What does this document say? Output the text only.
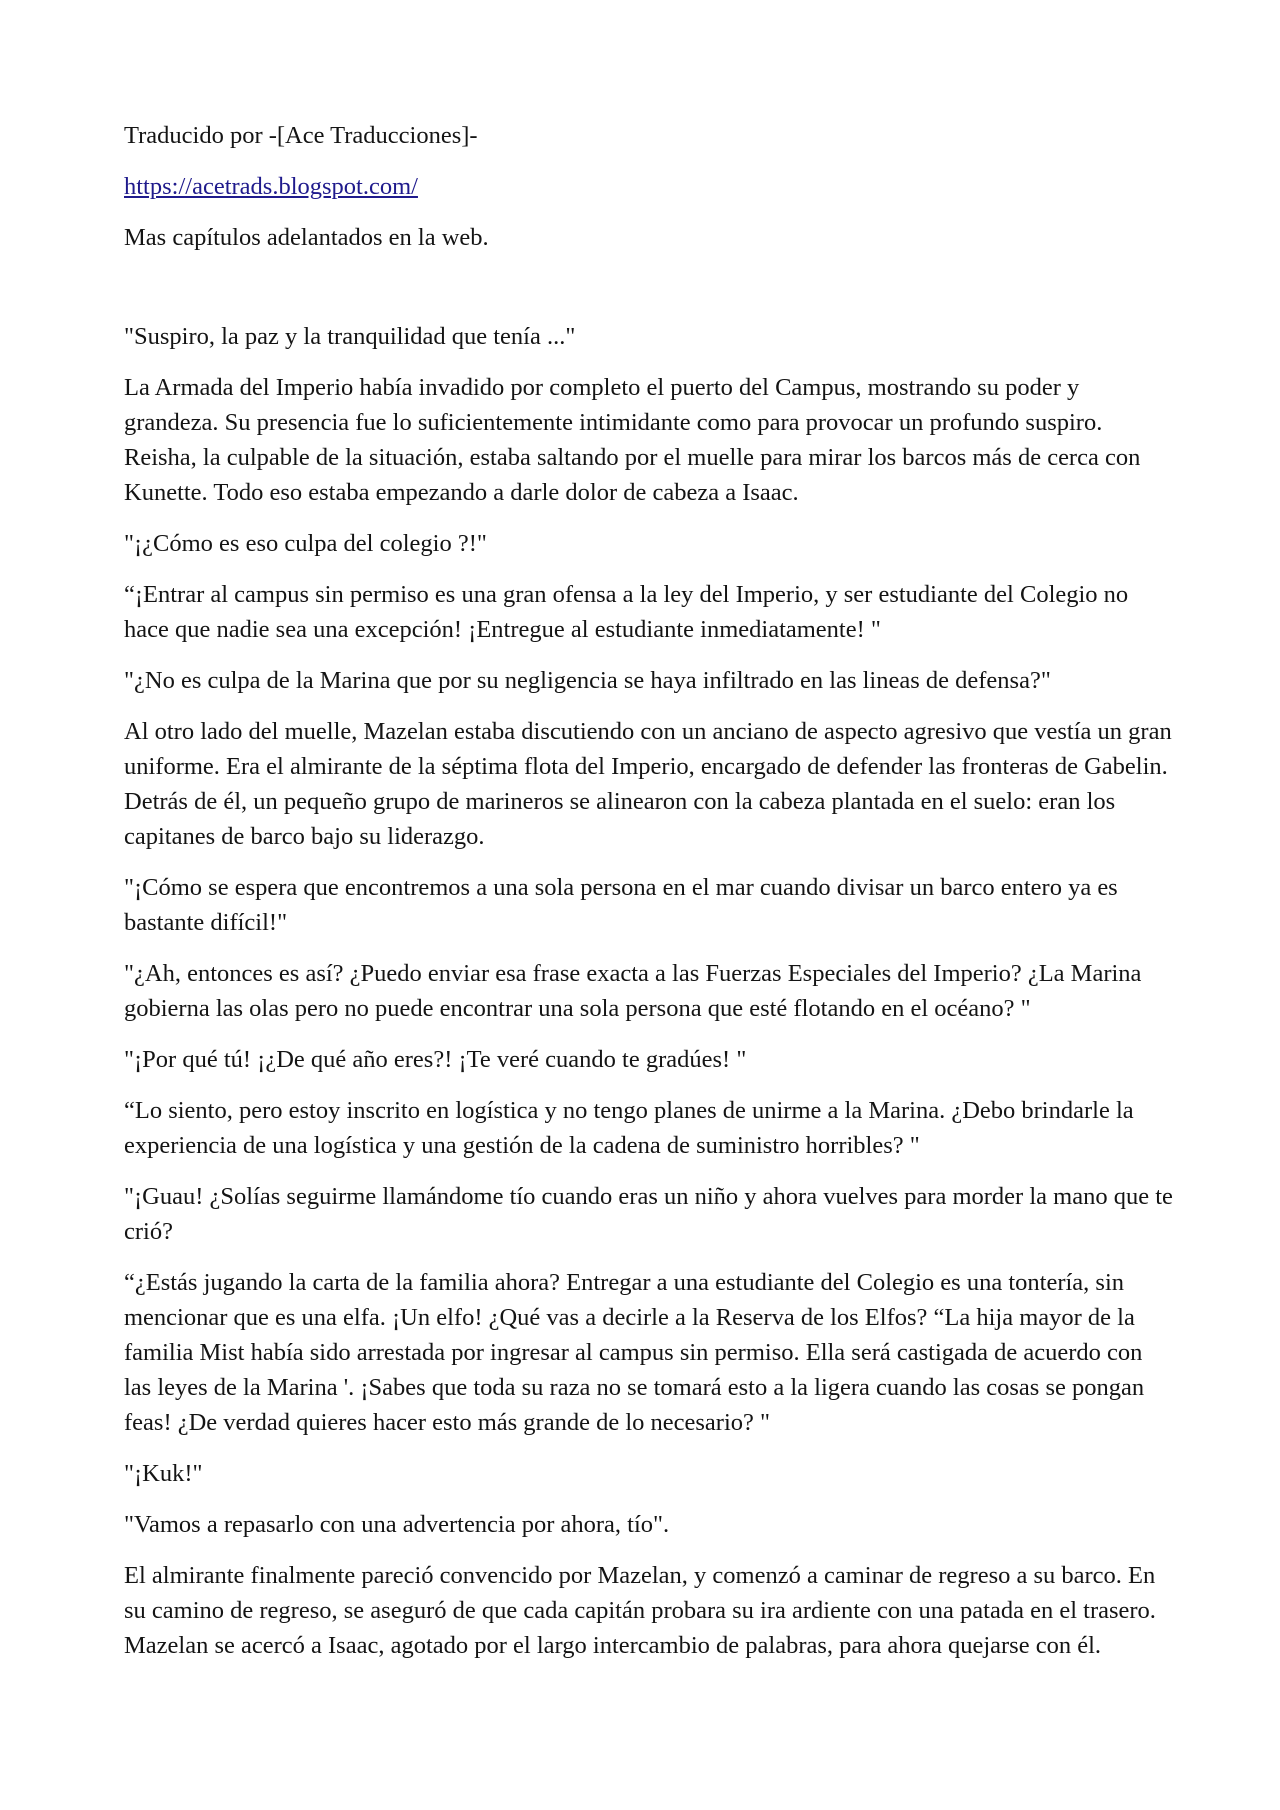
Traducido por -[Ace Traducciones]-

https://acetrads.blogspot.com/

Mas capítulos adelantados en la web.

"Suspiro, la paz y la tranquilidad que tenía ..."

La Armada del Imperio había invadido por completo el puerto del Campus, mostrando su poder y grandeza. Su presencia fue lo suficientemente intimidante como para provocar un profundo suspiro. Reisha, la culpable de la situación, estaba saltando por el muelle para mirar los barcos más de cerca con Kunette. Todo eso estaba empezando a darle dolor de cabeza a Isaac.

"¡¿Cómo es eso culpa del colegio ?!"

“¡Entrar al campus sin permiso es una gran ofensa a la ley del Imperio, y ser estudiante del Colegio no hace que nadie sea una excepción! ¡Entregue al estudiante inmediatamente! "

"¿No es culpa de la Marina que por su negligencia se haya infiltrado en las lineas de defensa?"

Al otro lado del muelle, Mazelan estaba discutiendo con un anciano de aspecto agresivo que vestía un gran uniforme. Era el almirante de la séptima flota del Imperio, encargado de defender las fronteras de Gabelin. Detrás de él, un pequeño grupo de marineros se alinearon con la cabeza plantada en el suelo: eran los capitanes de barco bajo su liderazgo.

"¡Cómo se espera que encontremos a una sola persona en el mar cuando divisar un barco entero ya es bastante difícil!"

"¿Ah, entonces es así? ¿Puedo enviar esa frase exacta a las Fuerzas Especiales del Imperio? ¿La Marina gobierna las olas pero no puede encontrar una sola persona que esté flotando en el océano? "

"¡Por qué tú! ¡¿De qué año eres?! ¡Te veré cuando te gradúes! "

“Lo siento, pero estoy inscrito en logística y no tengo planes de unirme a la Marina. ¿Debo brindarle la experiencia de una logística y una gestión de la cadena de suministro horribles? "

"¡Guau! ¿Solías seguirme llamándome tío cuando eras un niño y ahora vuelves para morder la mano que te crió?

“¿Estás jugando la carta de la familia ahora? Entregar a una estudiante del Colegio es una tontería, sin mencionar que es una elfa. ¡Un elfo! ¿Qué vas a decirle a la Reserva de los Elfos? “La hija mayor de la familia Mist había sido arrestada por ingresar al campus sin permiso. Ella será castigada de acuerdo con las leyes de la Marina '. ¡Sabes que toda su raza no se tomará esto a la ligera cuando las cosas se pongan feas! ¿De verdad quieres hacer esto más grande de lo necesario? "

"¡Kuk!"

"Vamos a repasarlo con una advertencia por ahora, tío".

El almirante finalmente pareció convencido por Mazelan, y comenzó a caminar de regreso a su barco. En su camino de regreso, se aseguró de que cada capitán probara su ira ardiente con una patada en el trasero. Mazelan se acercó a Isaac, agotado por el largo intercambio de palabras, para ahora quejarse con él.
